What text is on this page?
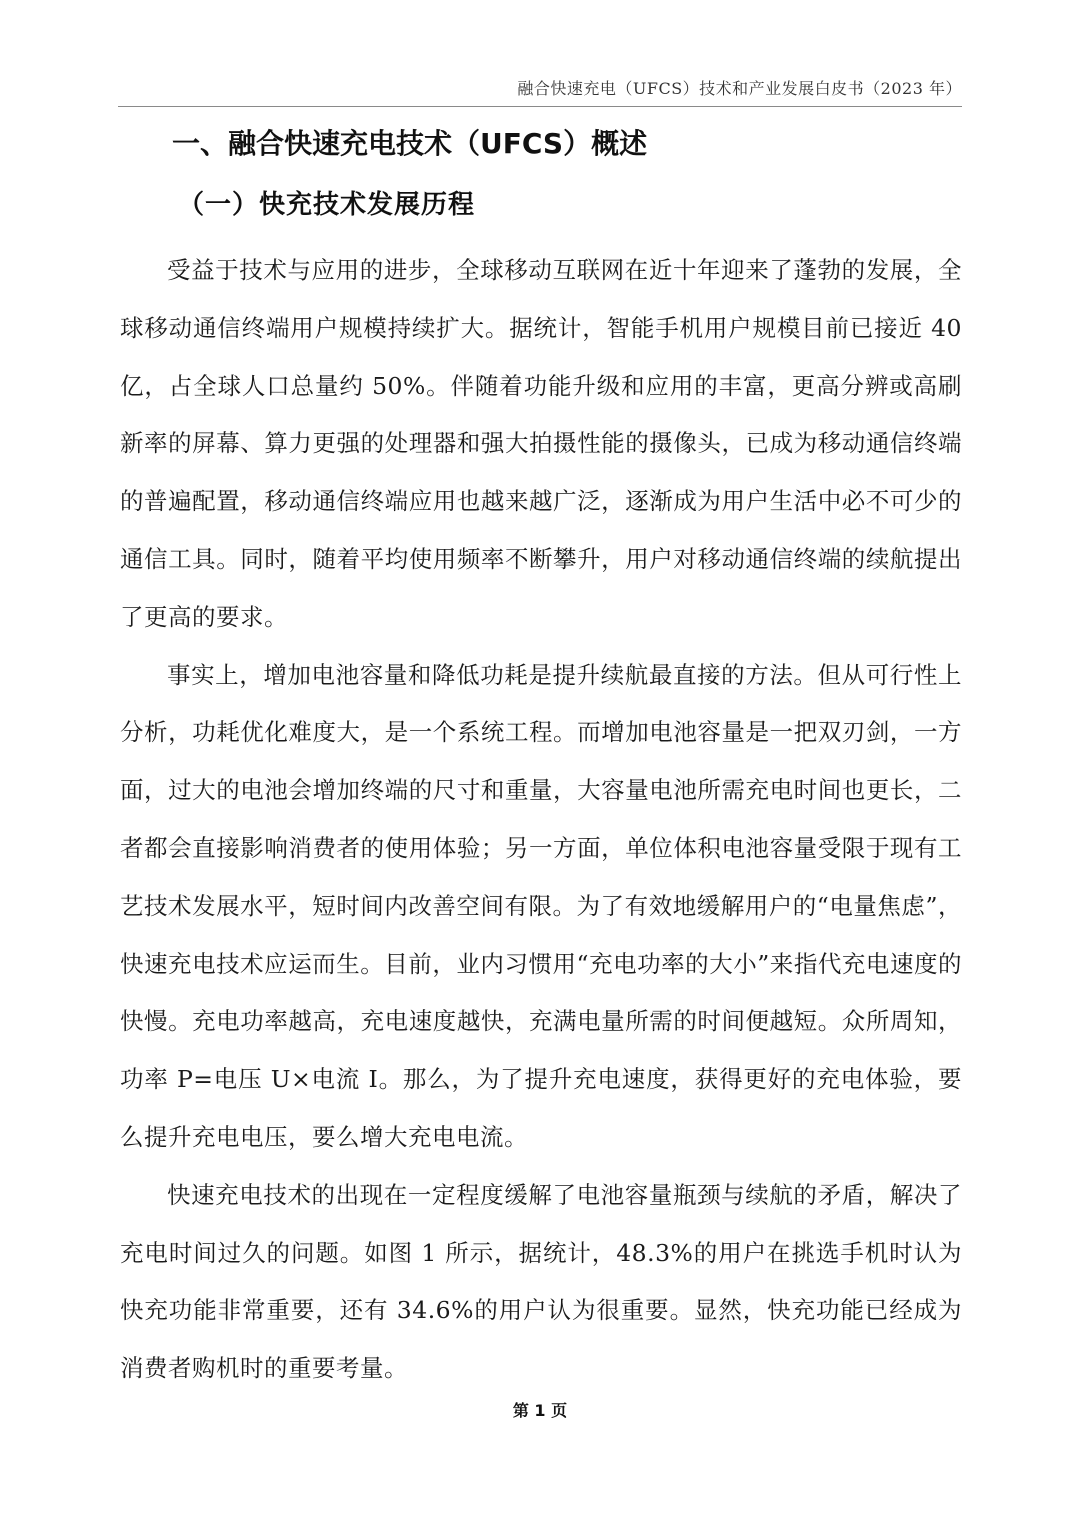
融合快速充电（UFCS）技术和产业发展白皮书（2023 年）
一、融合快速充电技术（UFCS）概述
（一）快充技术发展历程

受益于技术与应用的进步，全球移动互联网在近十年迎来了蓬勃的发展，全球移动通信终端用户规模持续扩大。据统计，智能手机用户规模目前已接近 40 亿，占全球人口总量约 50%。伴随着功能升级和应用的丰富，更高分辨或高刷新率的屏幕、算力更强的处理器和强大拍摄性能的摄像头，已成为移动通信终端的普遍配置，移动通信终端应用也越来越广泛，逐渐成为用户生活中必不可少的通信工具。同时，随着平均使用频率不断攀升，用户对移动通信终端的续航提出了更高的要求。

事实上，增加电池容量和降低功耗是提升续航最直接的方法。但从可行性上分析，功耗优化难度大，是一个系统工程。而增加电池容量是一把双刃剑，一方面，过大的电池会增加终端的尺寸和重量，大容量电池所需充电时间也更长，二者都会直接影响消费者的使用体验；另一方面，单位体积电池容量受限于现有工艺技术发展水平，短时间内改善空间有限。为了有效地缓解用户的“电量焦虑”，快速充电技术应运而生。目前，业内习惯用“充电功率的大小”来指代充电速度的快慢。充电功率越高，充电速度越快，充满电量所需的时间便越短。众所周知，功率 P=电压 U×电流 I。那么，为了提升充电速度，获得更好的充电体验，要么提升充电电压，要么增大充电电流。

快速充电技术的出现在一定程度缓解了电池容量瓶颈与续航的矛盾，解决了充电时间过久的问题。如图 1 所示，据统计，48.3%的用户在挑选手机时认为快充功能非常重要，还有 34.6%的用户认为很重要。显然，快充功能已经成为消费者购机时的重要考量。

第 1 页
